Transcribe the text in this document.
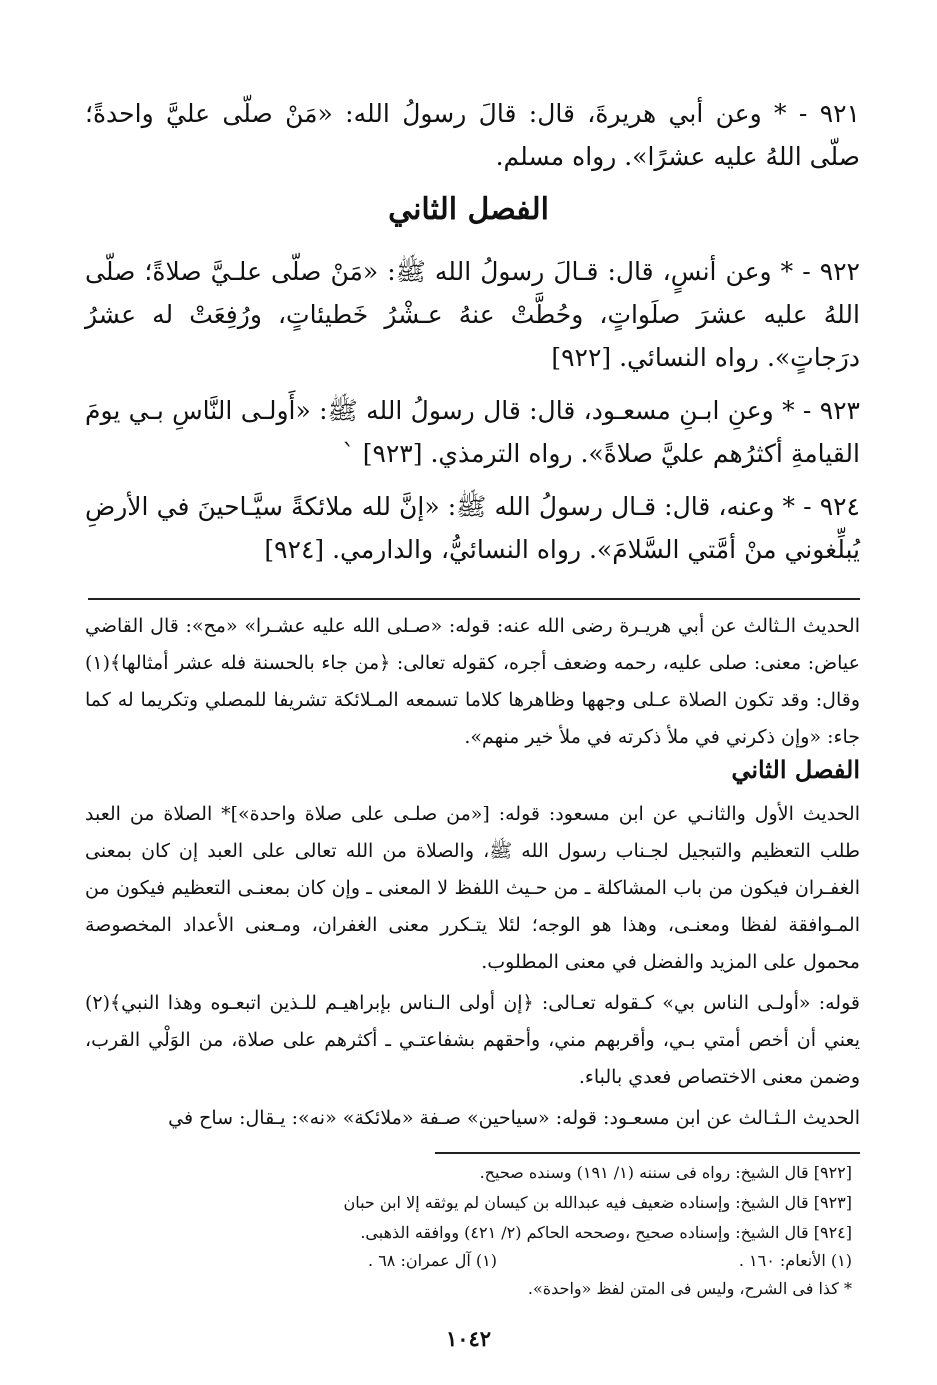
٩٢١ - * وعن أبي هريرةَ، قال: قالَ رسولُ الله: «مَنْ صلّى عليَّ واحدةً؛ صلّى اللهُ عليه عشرًا». رواه مسلم.

الفصل الثاني

٩٢٢ - * وعن أنسٍ، قال: قـالَ رسولُ الله ﷺ: «مَنْ صلّى علـيَّ صلاةً؛ صلّى اللهُ عليه عشرَ صلَواتٍ، وحُطَّتْ عنهُ عـشْرُ خَطيئاتٍ، ورُفِعَتْ له عشرُ درَجاتٍ». رواه النسائي. [٩٢٢]

٩٢٣ - * وعنِ ابـنِ مسعـود، قال: قال رسولُ الله ﷺ: «أَولـى النَّاسِ بـي يومَ القيامةِ أكثرُهم عليَّ صلاةً». رواه الترمذي. [٩٢٣] `

٩٢٤ - * وعنه، قال: قـال رسولُ الله ﷺ: «إنَّ لله ملائكةً سيَّـاحينَ في الأرضِ يُبلِّغوني منْ أمَّتي السَّلامَ». رواه النسائيُّ، والدارمي. [٩٢٤]

الحديث الـثالث عن أبي هريـرة رضى الله عنه: قوله: «صـلى الله عليه عشـرا» «مح»: قال القاضي عياض: معنى: صلى عليه، رحمه وضعف أجره، كقوله تعالى: ﴿من جاء بالحسنة فله عشر أمثالها﴾(١) وقال: وقد تكون الصلاة عـلى وجهها وظاهرها كلاما تسمعه المـلائكة تشريفا للمصلي وتكريما له كما جاء: «وإن ذكرني في ملأ ذكرته في ملأ خير منهم».

الفصل الثاني

الحديث الأول والثانـي عن ابن مسعود: قوله: [«من صلـى على صلاة واحدة»]* الصلاة من العبد طلب التعظيم والتبجيل لجـناب رسول الله ﷺ، والصلاة من الله تعالى على العبد إن كان بمعنى الغفـران فيكون من باب المشاكلة ـ من حـيث اللفظ لا المعنى ـ وإن كان بمعنـى التعظيم فيكون من المـوافقة لفظا ومعنـى، وهذا هو الوجه؛ لئلا يتـكرر معنى الغفران، ومـعنى الأعداد المخصوصة محمول على المزيد والفضل في معنى المطلوب.

قوله: «أولـى الناس بي» كـقوله تعـالى: ﴿إن أولى الـناس بإبراهيـم للـذين اتبعـوه وهذا النبي﴾(٢) يعني أن أخص أمتي بـي، وأقربهم مني، وأحقهم بشفاعتـي ـ أكثرهم على صلاة، من الوَلْي القرب، وضمن معنى الاختصاص فعدي بالباء.

الحديث الـثـالث عن ابن مسعـود: قوله: «سياحين» صـفة «ملائكة» «نه»: يـقال: ساح في

[٩٢٢] قال الشيخ: رواه فى سننه (١/ ١٩١) وسنده صحيح.
[٩٢٣] قال الشيخ: وإسناده ضعيف فيه عبدالله بن كيسان لم يوثقه إلا ابن حبان
[٩٢٤] قال الشيخ: وإسناده صحيح ،وصححه الحاكم (٢/ ٤٢١) ووافقه الذهبى.
(١) الأنعام: ١٦٠ .
(١) آل عمران: ٦٨ .
* كذا فى الشرح، وليس فى المتن لفظ «واحدة».
١٠٤٢
